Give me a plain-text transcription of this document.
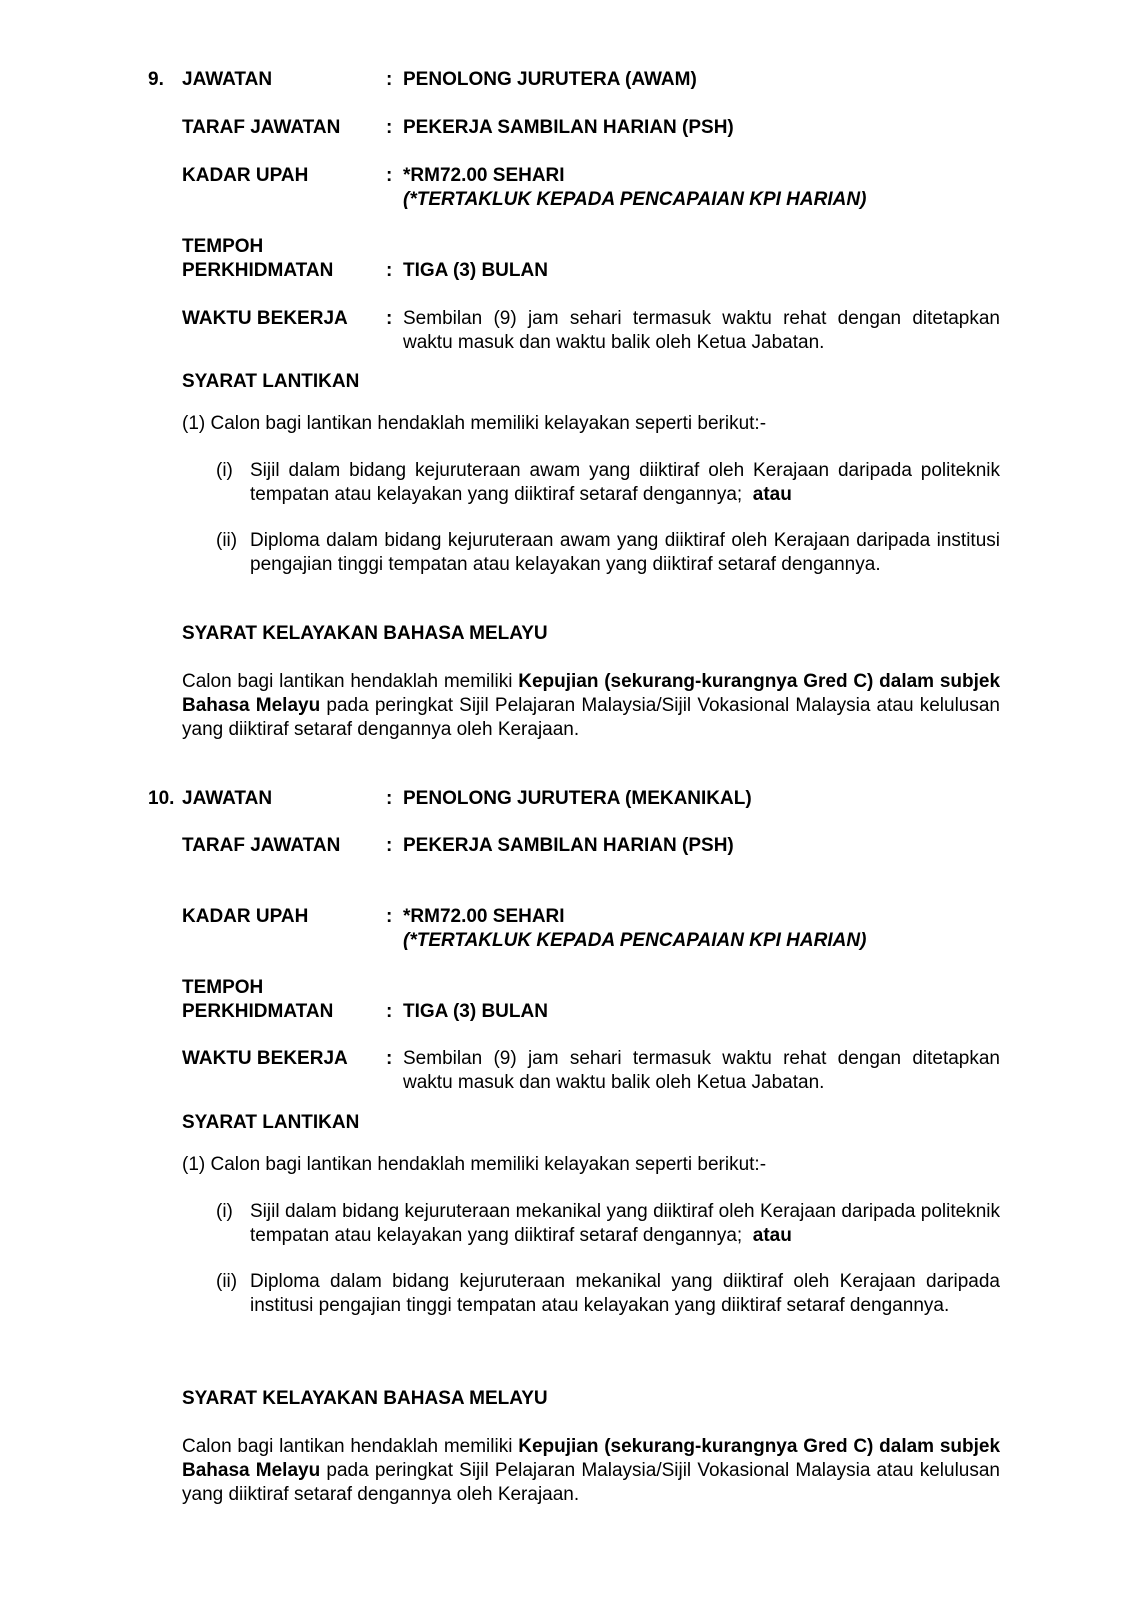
9. JAWATAN	: PENOLONG JURUTERA (AWAM)
TARAF JAWATAN : PEKERJA SAMBILAN HARIAN (PSH)
KADAR UPAH	: *RM72.00 SEHARI
(*TERTAKLUK KEPADA PENCAPAIAN KPI HARIAN)
TEMPOH
PERKHIDMATAN	: TIGA (3) BULAN
WAKTU BEKERJA : Sembilan (9) jam sehari termasuk waktu rehat dengan ditetapkan waktu masuk dan waktu balik oleh Ketua Jabatan.
SYARAT LANTIKAN
(1) Calon bagi lantikan hendaklah memiliki kelayakan seperti berikut:-
(i) Sijil dalam bidang kejuruteraan awam yang diiktiraf oleh Kerajaan daripada politeknik tempatan atau kelayakan yang diiktiraf setaraf dengannya; atau
(ii) Diploma dalam bidang kejuruteraan awam yang diiktiraf oleh Kerajaan daripada institusi pengajian tinggi tempatan atau kelayakan yang diiktiraf setaraf dengannya.
SYARAT KELAYAKAN BAHASA MELAYU
Calon bagi lantikan hendaklah memiliki Kepujian (sekurang-kurangnya Gred C) dalam subjek Bahasa Melayu pada peringkat Sijil Pelajaran Malaysia/Sijil Vokasional Malaysia atau kelulusan yang diiktiraf setaraf dengannya oleh Kerajaan.
10. JAWATAN	: PENOLONG JURUTERA (MEKANIKAL)
TARAF JAWATAN : PEKERJA SAMBILAN HARIAN (PSH)
KADAR UPAH	: *RM72.00 SEHARI
(*TERTAKLUK KEPADA PENCAPAIAN KPI HARIAN)
TEMPOH
PERKHIDMATAN	: TIGA (3) BULAN
WAKTU BEKERJA : Sembilan (9) jam sehari termasuk waktu rehat dengan ditetapkan waktu masuk dan waktu balik oleh Ketua Jabatan.
SYARAT LANTIKAN
(1) Calon bagi lantikan hendaklah memiliki kelayakan seperti berikut:-
(i) Sijil dalam bidang kejuruteraan mekanikal yang diiktiraf oleh Kerajaan daripada politeknik tempatan atau kelayakan yang diiktiraf setaraf dengannya; atau
(ii) Diploma dalam bidang kejuruteraan mekanikal yang diiktiraf oleh Kerajaan daripada institusi pengajian tinggi tempatan atau kelayakan yang diiktiraf setaraf dengannya.
SYARAT KELAYAKAN BAHASA MELAYU
Calon bagi lantikan hendaklah memiliki Kepujian (sekurang-kurangnya Gred C) dalam subjek Bahasa Melayu pada peringkat Sijil Pelajaran Malaysia/Sijil Vokasional Malaysia atau kelulusan yang diiktiraf setaraf dengannya oleh Kerajaan.
